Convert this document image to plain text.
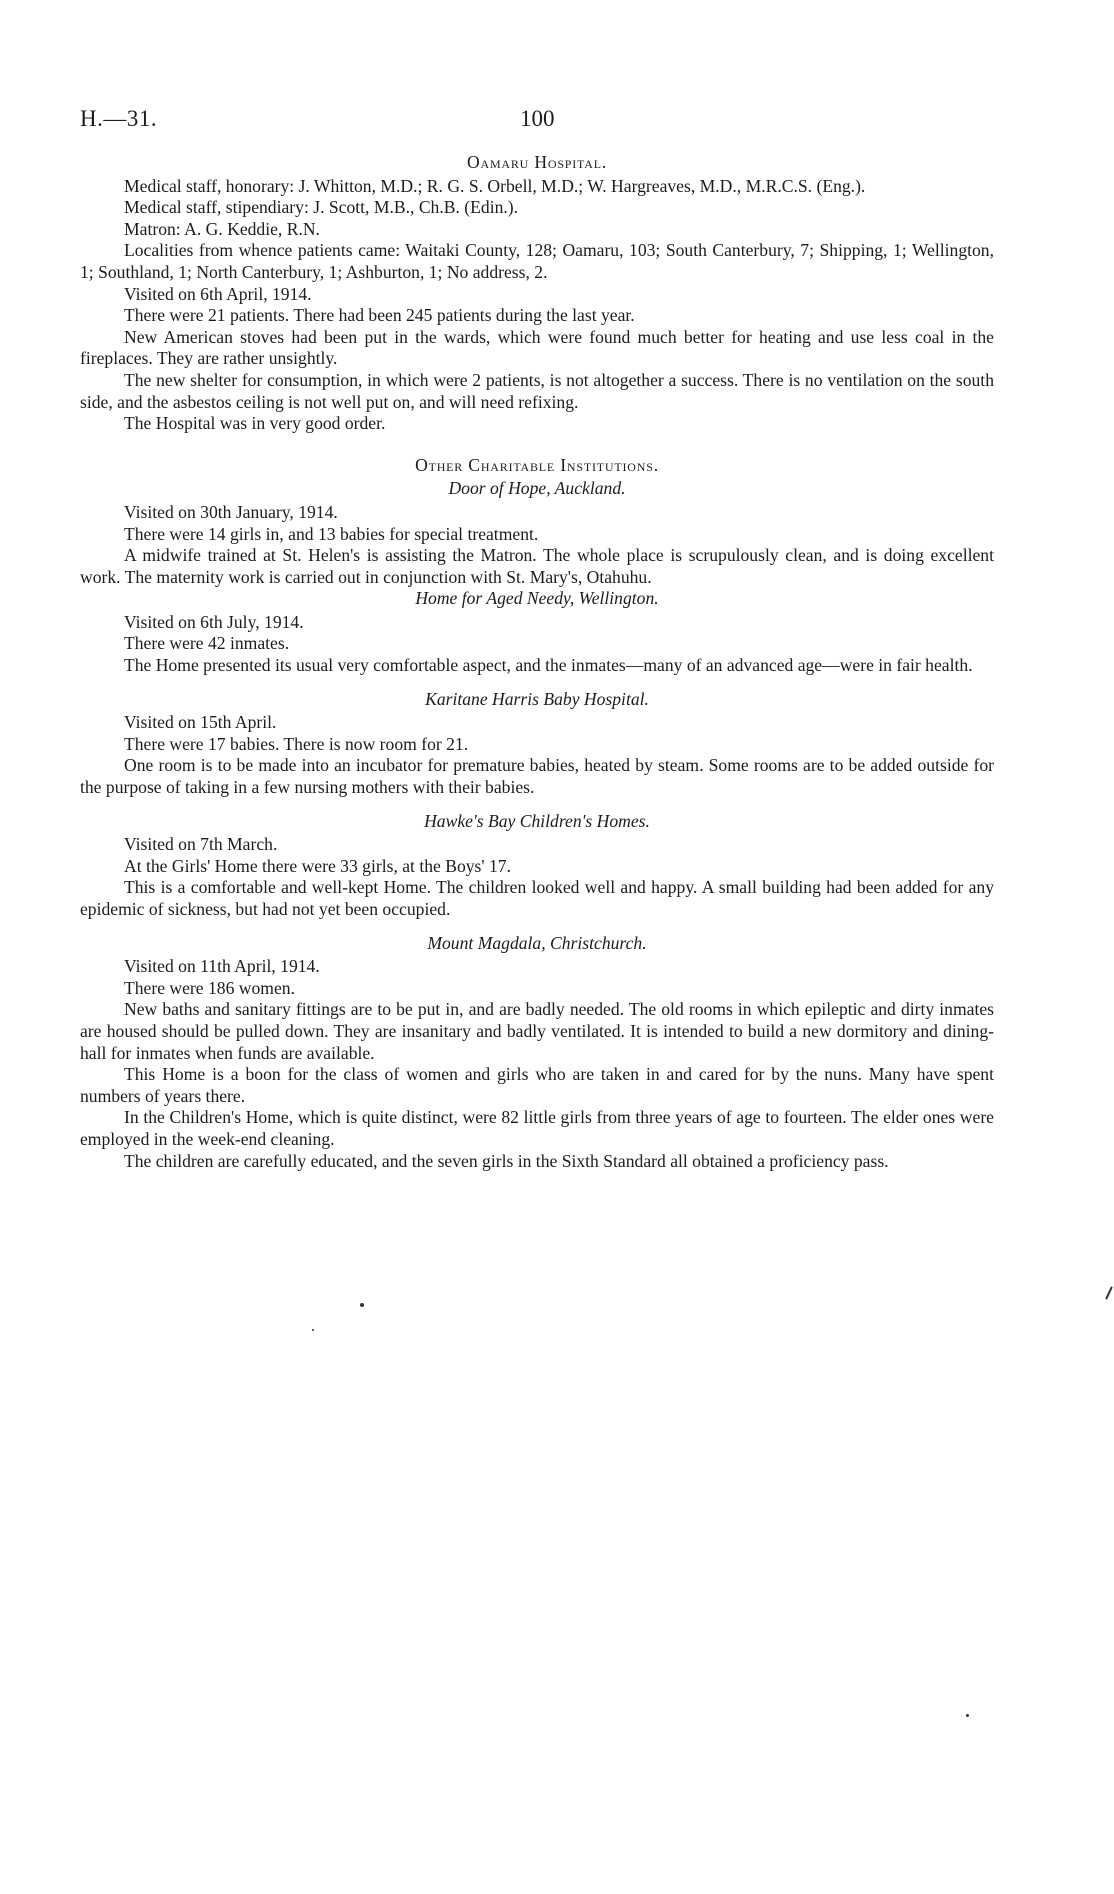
H.—31.	100
Oamaru Hospital.

Medical staff, honorary: J. Whitton, M.D.; R. G. S. Orbell, M.D.; W. Hargreaves, M.D., M.R.C.S. (Eng.).

Medical staff, stipendiary: J. Scott, M.B., Ch.B. (Edin.).

Matron: A. G. Keddie, R.N.

Localities from whence patients came: Waitaki County, 128; Oamaru, 103; South Canterbury, 7; Shipping, 1; Wellington, 1; Southland, 1; North Canterbury, 1; Ashburton, 1; No address, 2.

Visited on 6th April, 1914.

There were 21 patients. There had been 245 patients during the last year.

New American stoves had been put in the wards, which were found much better for heating and use less coal in the fireplaces. They are rather unsightly.

The new shelter for consumption, in which were 2 patients, is not altogether a success. There is no ventilation on the south side, and the asbestos ceiling is not well put on, and will need refixing.

The Hospital was in very good order.

Other Charitable Institutions.
Door of Hope, Auckland.

Visited on 30th January, 1914.

There were 14 girls in, and 13 babies for special treatment.

A midwife trained at St. Helen's is assisting the Matron. The whole place is scrupulously clean, and is doing excellent work. The maternity work is carried out in conjunction with St. Mary's, Otahuhu.

Home for Aged Needy, Wellington.

Visited on 6th July, 1914.

There were 42 inmates.

The Home presented its usual very comfortable aspect, and the inmates—many of an advanced age—were in fair health.

Karitane Harris Baby Hospital.

Visited on 15th April.

There were 17 babies. There is now room for 21.

One room is to be made into an incubator for premature babies, heated by steam. Some rooms are to be added outside for the purpose of taking in a few nursing mothers with their babies.

Hawke's Bay Children's Homes.

Visited on 7th March.

At the Girls' Home there were 33 girls, at the Boys' 17.

This is a comfortable and well-kept Home. The children looked well and happy. A small building had been added for any epidemic of sickness, but had not yet been occupied.

Mount Magdala, Christchurch.

Visited on 11th April, 1914.

There were 186 women.

New baths and sanitary fittings are to be put in, and are badly needed. The old rooms in which epileptic and dirty inmates are housed should be pulled down. They are insanitary and badly ventilated. It is intended to build a new dormitory and dining-hall for inmates when funds are available.

This Home is a boon for the class of women and girls who are taken in and cared for by the nuns. Many have spent numbers of years there.

In the Children's Home, which is quite distinct, were 82 little girls from three years of age to fourteen. The elder ones were employed in the week-end cleaning.

The children are carefully educated, and the seven girls in the Sixth Standard all obtained a proficiency pass.
